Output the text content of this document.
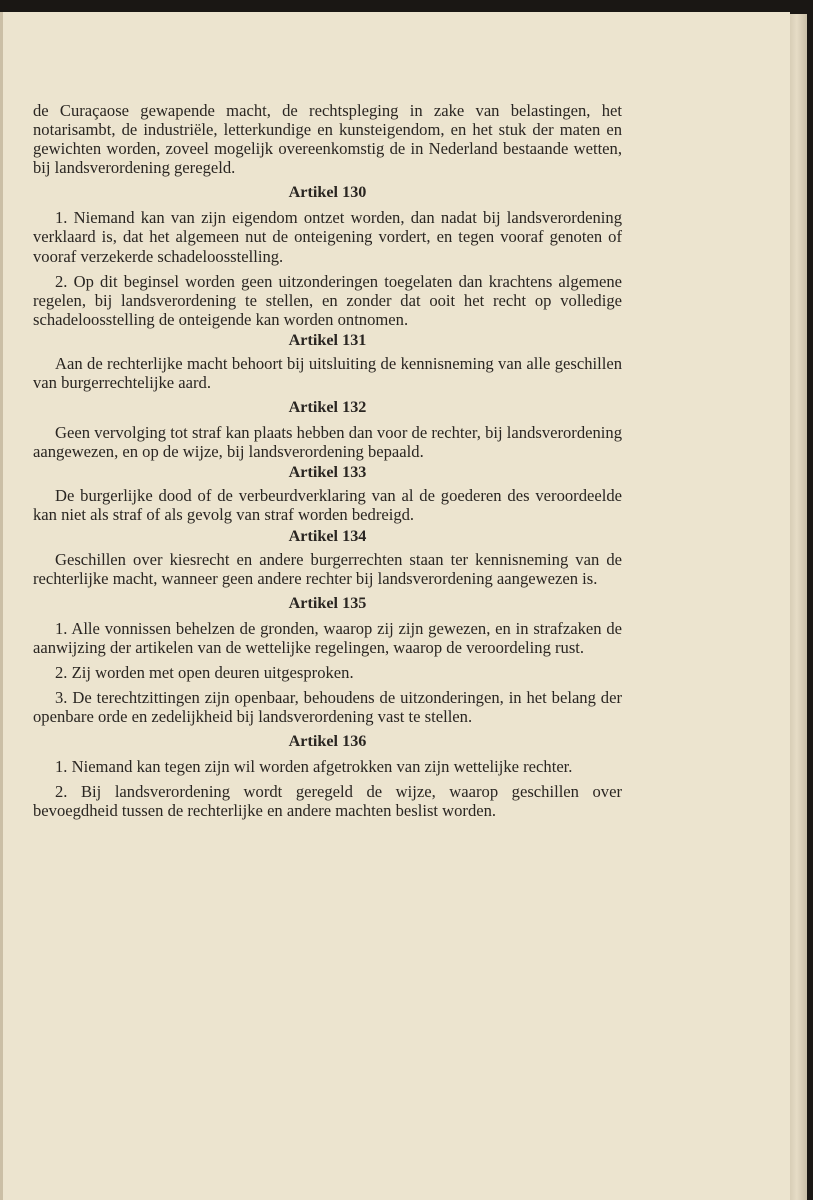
de Curaçaose gewapende macht, de rechtspleging in zake van belastingen, het notarisambt, de industriële, letterkundige en kunsteigendom, en het stuk der maten en gewichten worden, zoveel mogelijk overeenkomstig de in Nederland bestaande wetten, bij landsverordening geregeld.

Artikel 130

1. Niemand kan van zijn eigendom ontzet worden, dan nadat bij landsverordening verklaard is, dat het algemeen nut de onteigening vordert, en tegen vooraf genoten of vooraf verzekerde schadeloosstelling.

2. Op dit beginsel worden geen uitzonderingen toegelaten dan krachtens algemene regelen, bij landsverordening te stellen, en zonder dat ooit het recht op volledige schadeloosstelling de onteigende kan worden ontnomen.

Artikel 131

Aan de rechterlijke macht behoort bij uitsluiting de kennisneming van alle geschillen van burgerrechtelijke aard.

Artikel 132

Geen vervolging tot straf kan plaats hebben dan voor de rechter, bij landsverordening aangewezen, en op de wijze, bij landsverordening bepaald.

Artikel 133

De burgerlijke dood of de verbeurdverklaring van al de goederen des veroordeelde kan niet als straf of als gevolg van straf worden bedreigd.

Artikel 134

Geschillen over kiesrecht en andere burgerrechten staan ter kennisneming van de rechterlijke macht, wanneer geen andere rechter bij landsverordening aangewezen is.

Artikel 135

1. Alle vonnissen behelzen de gronden, waarop zij zijn gewezen, en in strafzaken de aanwijzing der artikelen van de wettelijke regelingen, waarop de veroordeling rust.

2. Zij worden met open deuren uitgesproken.

3. De terechtzittingen zijn openbaar, behoudens de uitzonderingen, in het belang der openbare orde en zedelijkheid bij landsverordening vast te stellen.

Artikel 136

1. Niemand kan tegen zijn wil worden afgetrokken van zijn wettelijke rechter.

2. Bij landsverordening wordt geregeld de wijze, waarop geschillen over bevoegdheid tussen de rechterlijke en andere machten beslist worden.
